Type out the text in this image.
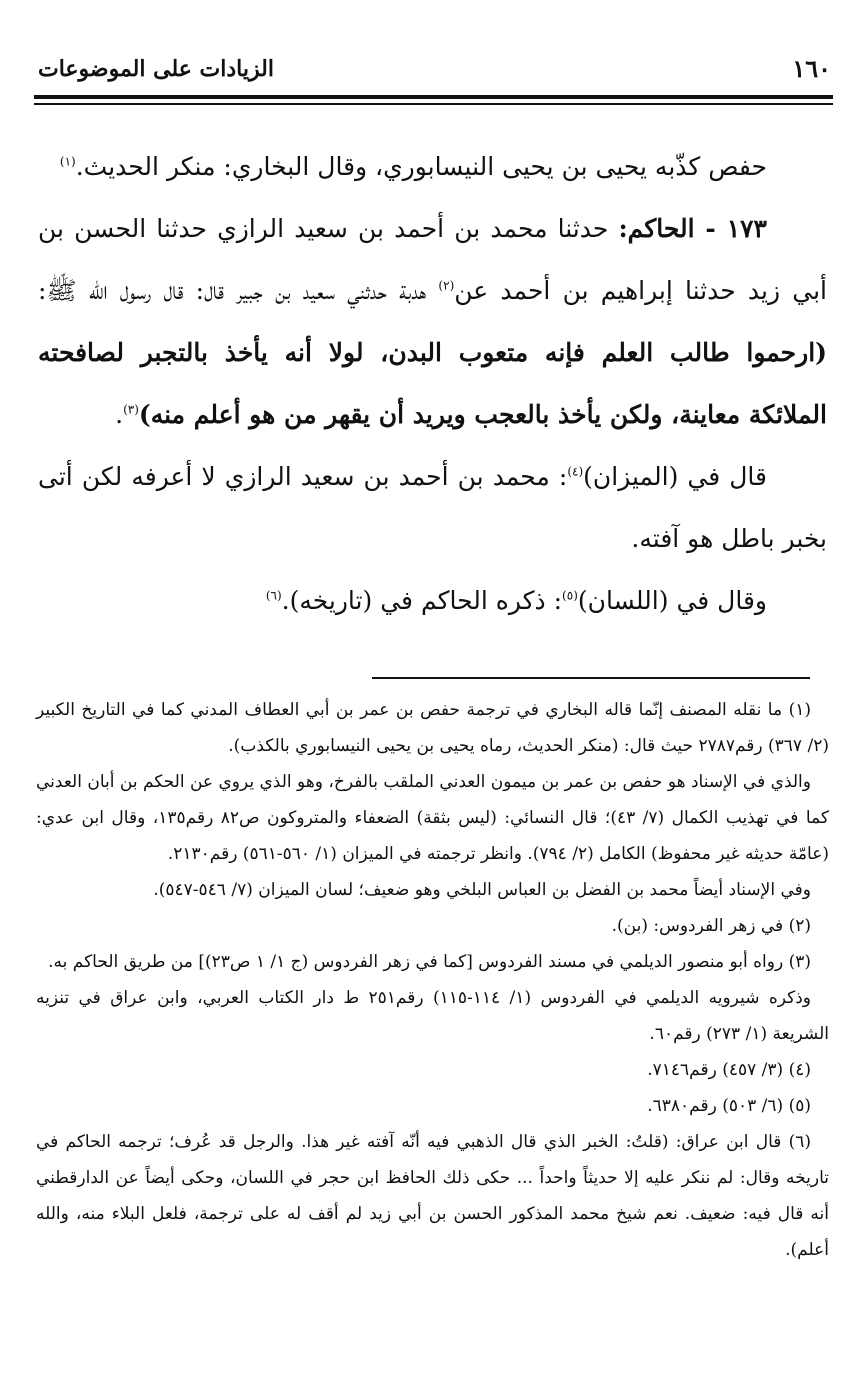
١٦٠
الزيادات على الموضوعات

حفص كذّبه يحيى بن يحيى النيسابوري، وقال البخاري: منكر الحديث.$^{(١)}$

١٧٣ - الحاكم: حدثنا محمد بن أحمد بن سعيد الرازي حدثنا الحسن بن أبي زيد حدثنا إبراهيم بن أحمد عن$^{(٢)}$ هدبة حدثني سعيد بن جبير قال: قال رسول الله ﷺ: (ارحموا طالب العلم فإنه متعوب البدن، لولا أنه يأخذ بالتجبر لصافحته الملائكة معاينة، ولكن يأخذ بالعجب ويريد أن يقهر من هو أعلم منه)$^{(٣)}$.

قال في (الميزان)$^{(٤)}$: محمد بن أحمد بن سعيد الرازي لا أعرفه لكن أتى بخبر باطل هو آفته.

وقال في (اللسان)$^{(٥)}$: ذكره الحاكم في (تاريخه).$^{(٦)}$

(١) ما نقله المصنف إنّما قاله البخاري في ترجمة حفص بن عمر بن أبي العطاف المدني كما في التاريخ الكبير (٢/ ٣٦٧) رقم٢٧٨٧ حيث قال: (منكر الحديث، رماه يحيى بن يحيى النيسابوري بالكذب).

والذي في الإسناد هو حفص بن عمر بن ميمون العدني الملقب بالفرخ، وهو الذي يروي عن الحكم بن أبان العدني كما في تهذيب الكمال (٧/ ٤٣)؛ قال النسائي: (ليس بثقة) الضعفاء والمتروكون ص٨٢ رقم١٣٥، وقال ابن عدي: (عامّة حديثه غير محفوظ) الكامل (٢/ ٧٩٤). وانظر ترجمته في الميزان (١/ ٥٦٠-٥٦١) رقم٢١٣٠.

وفي الإسناد أيضاً محمد بن الفضل بن العباس البلخي وهو ضعيف؛ لسان الميزان (٧/ ٥٤٦-٥٤٧).

(٢) في زهر الفردوس: (بن).

(٣) رواه أبو منصور الديلمي في مسند الفردوس [كما في زهر الفردوس (ج ١/ ١ ص٢٣)] من طريق الحاكم به.

وذكره شيرويه الديلمي في الفردوس (١/ ١١٤-١١٥) رقم٢٥١ ط دار الكتاب العربي، وابن عراق في تنزيه الشريعة (١/ ٢٧٣) رقم٦٠.

(٤) (٣/ ٤٥٧) رقم٧١٤٦.

(٥) (٦/ ٥٠٣) رقم٦٣٨٠.

(٦) قال ابن عراق: (قلتُ: الخبر الذي قال الذهبي فيه أنّه آفته غير هذا. والرجل قد عُرف؛ ترجمه الحاكم في تاريخه وقال: لم ننكر عليه إلا حديثاً واحداً ... حكى ذلك الحافظ ابن حجر في اللسان، وحكى أيضاً عن الدارقطني أنه قال فيه: ضعيف. نعم شيخ محمد المذكور الحسن بن أبي زيد لم أقف له على ترجمة، فلعل البلاء منه، والله أعلم).
